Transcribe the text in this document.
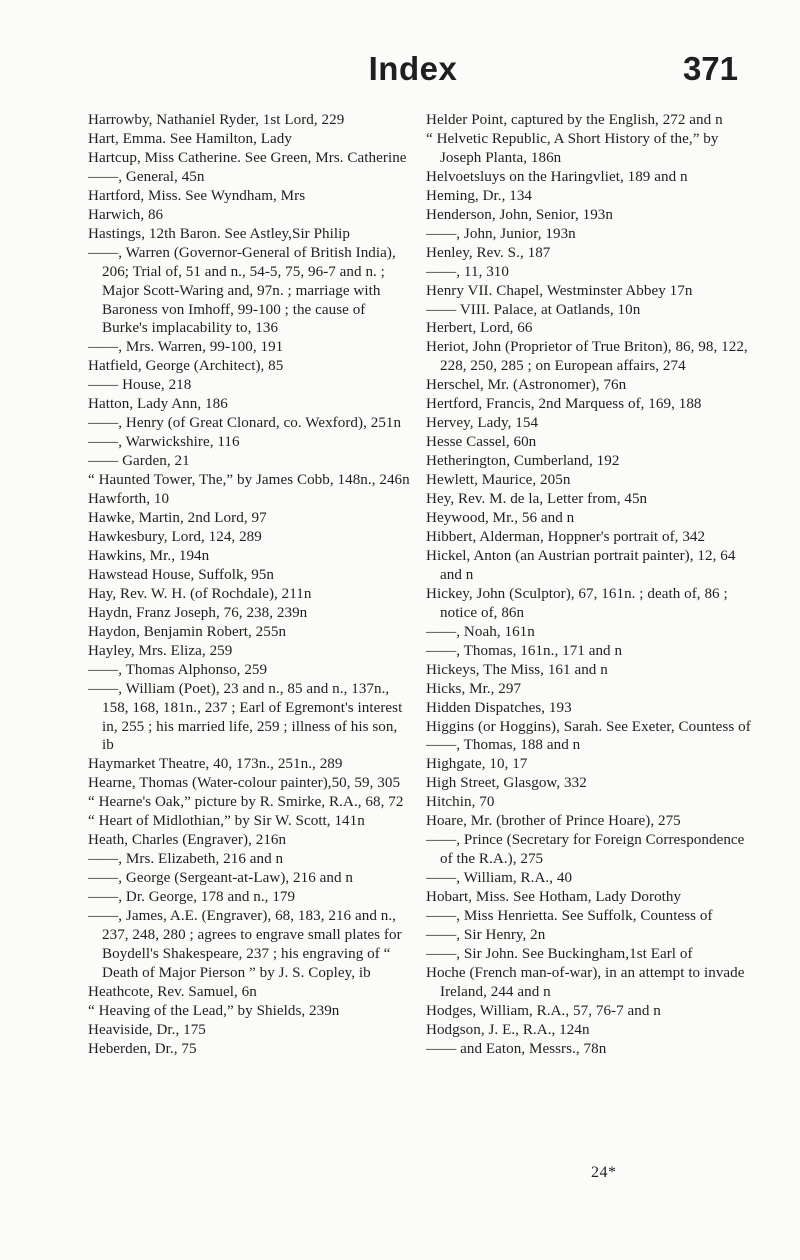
Index	371

Harrowby, Nathaniel Ryder, 1st Lord, 229

Hart, Emma. See Hamilton, Lady

Hartcup, Miss Catherine. See Green, Mrs. Catherine

——, General, 45n

Hartford, Miss. See Wyndham, Mrs

Harwich, 86

Hastings, 12th Baron. See Astley,Sir Philip

——, Warren (Governor-General of British India), 206; Trial of, 51 and n., 54-5, 75, 96-7 and n. ; Major Scott-Waring and, 97n. ; marriage with Baroness von Imhoff, 99-100 ; the cause of Burke's implacability to, 136

——, Mrs. Warren, 99-100, 191

Hatfield, George (Architect), 85

—— House, 218

Hatton, Lady Ann, 186

——, Henry (of Great Clonard, co. Wexford), 251n

——, Warwickshire, 116

—— Garden, 21

“ Haunted Tower, The,” by James Cobb, 148n., 246n

Hawforth, 10

Hawke, Martin, 2nd Lord, 97

Hawkesbury, Lord, 124, 289

Hawkins, Mr., 194n

Hawstead House, Suffolk, 95n

Hay, Rev. W. H. (of Rochdale), 211n

Haydn, Franz Joseph, 76, 238, 239n

Haydon, Benjamin Robert, 255n

Hayley, Mrs. Eliza, 259

——, Thomas Alphonso, 259

——, William (Poet), 23 and n., 85 and n., 137n., 158, 168, 181n., 237 ; Earl of Egremont's interest in, 255 ; his married life, 259 ; illness of his son, ib

Haymarket Theatre, 40, 173n., 251n., 289

Hearne, Thomas (Water-colour painter),50, 59, 305

“ Hearne's Oak,” picture by R. Smirke, R.A., 68, 72

“ Heart of Midlothian,” by Sir W. Scott, 141n

Heath, Charles (Engraver), 216n

——, Mrs. Elizabeth, 216 and n

——, George (Sergeant-at-Law), 216 and n

——, Dr. George, 178 and n., 179

——, James, A.E. (Engraver), 68, 183, 216 and n., 237, 248, 280 ; agrees to engrave small plates for Boydell's Shakespeare, 237 ; his engraving of “ Death of Major Pierson ” by J. S. Copley, ib

Heathcote, Rev. Samuel, 6n

“ Heaving of the Lead,” by Shields, 239n

Heaviside, Dr., 175

Heberden, Dr., 75

Helder Point, captured by the English, 272 and n

“ Helvetic Republic, A Short History of the,” by Joseph Planta, 186n

Helvoetsluys on the Haringvliet, 189 and n

Heming, Dr., 134

Henderson, John, Senior, 193n

——, John, Junior, 193n

Henley, Rev. S., 187

——, 11, 310

Henry VII. Chapel, Westminster Abbey 17n

—— VIII. Palace, at Oatlands, 10n

Herbert, Lord, 66

Heriot, John (Proprietor of True Briton), 86, 98, 122, 228, 250, 285 ; on European affairs, 274

Herschel, Mr. (Astronomer), 76n

Hertford, Francis, 2nd Marquess of, 169, 188

Hervey, Lady, 154

Hesse Cassel, 60n

Hetherington, Cumberland, 192

Hewlett, Maurice, 205n

Hey, Rev. M. de la, Letter from, 45n

Heywood, Mr., 56 and n

Hibbert, Alderman, Hoppner's portrait of, 342

Hickel, Anton (an Austrian portrait painter), 12, 64 and n

Hickey, John (Sculptor), 67, 161n. ; death of, 86 ; notice of, 86n

——, Noah, 161n

——, Thomas, 161n., 171 and n

Hickeys, The Miss, 161 and n

Hicks, Mr., 297

Hidden Dispatches, 193

Higgins (or Hoggins), Sarah. See Exeter, Countess of

——, Thomas, 188 and n

Highgate, 10, 17

High Street, Glasgow, 332

Hitchin, 70

Hoare, Mr. (brother of Prince Hoare), 275

——, Prince (Secretary for Foreign Correspondence of the R.A.), 275

——, William, R.A., 40

Hobart, Miss. See Hotham, Lady Dorothy

——, Miss Henrietta. See Suffolk, Countess of

——, Sir Henry, 2n

——, Sir John. See Buckingham,1st Earl of

Hoche (French man-of-war), in an attempt to invade Ireland, 244 and n

Hodges, William, R.A., 57, 76-7 and n

Hodgson, J. E., R.A., 124n

—— and Eaton, Messrs., 78n

24*
